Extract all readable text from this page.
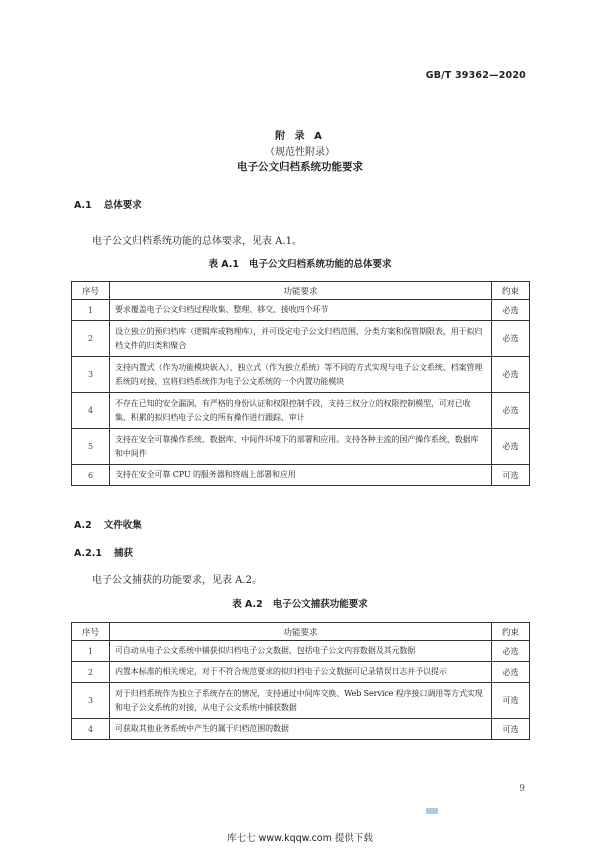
GB/T 39362—2020
附 录 A
（规范性附录）
电子公文归档系统功能要求
A.1 总体要求
电子公文归档系统功能的总体要求，见表 A.1。
表 A.1 电子公文归档系统功能的总体要求
序号	功能要求	约束
1	要求覆盖电子公文归档过程收集、整理、移交、接收四个环节	必选
2	设立独立的预归档库（逻辑库或物理库），并可设定电子公文归档范围、分类方案和保管期限表，用于拟归档文件的归类和聚合	必选
3	支持内置式（作为功能模块嵌入）、独立式（作为独立系统）等不同的方式实现与电子公文系统、档案管理系统的对接，宜将归档系统作为电子公文系统的一个内置功能模块	必选
4	不存在已知的安全漏洞，有严格的身份认证和权限控制手段，支持三权分立的权限控制模型，可对已收集、积累的拟归档电子公文的所有操作进行跟踪、审计	必选
5	支持在安全可靠操作系统、数据库、中间件环境下的部署和应用。支持各种主流的国产操作系统、数据库和中间件	必选
6	支持在安全可靠 CPU 的服务器和终端上部署和应用	可选
A.2 文件收集
A.2.1 捕获
电子公文捕获的功能要求，见表 A.2。
表 A.2 电子公文捕获功能要求
序号	功能要求	约束
1	可自动从电子公文系统中捕获拟归档电子公文数据，包括电子公文内容数据及其元数据	必选
2	内置本标准的相关规定，对于不符合规范要求的拟归档电子公文数据可记录错误日志并予以提示	必选
3	对于归档系统作为独立子系统存在的情况，支持通过中间库交换、Web Service 程序接口调用等方式实现和电子公文系统的对接，从电子公文系统中捕获数据	可选
4	可获取其他业务系统中产生的属于归档范围的数据	可选
9
库七七 www.kqqw.com 提供下载
